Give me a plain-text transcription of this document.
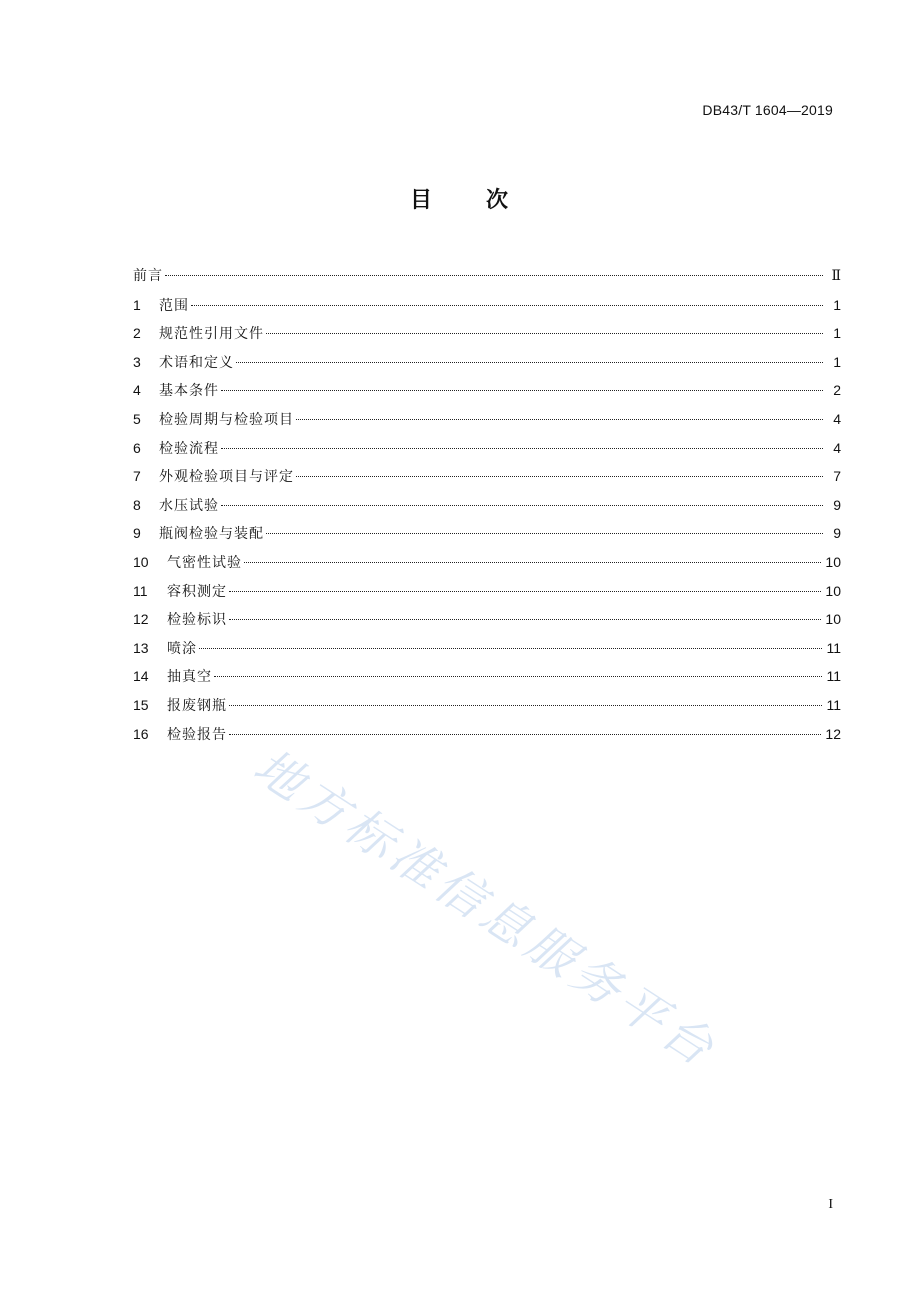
DB43/T 1604—2019
目 次
前言	Ⅱ
1	范围	1
2	规范性引用文件	1
3	术语和定义	1
4	基本条件	2
5	检验周期与检验项目	4
6	检验流程	4
7	外观检验项目与评定	7
8	水压试验	9
9	瓶阀检验与装配	9
10	气密性试验	10
11	容积测定	10
12	检验标识	10
13	喷涂	11
14	抽真空	11
15	报废钢瓶	11
16	检验报告	12
地方标准信息服务平台
I
